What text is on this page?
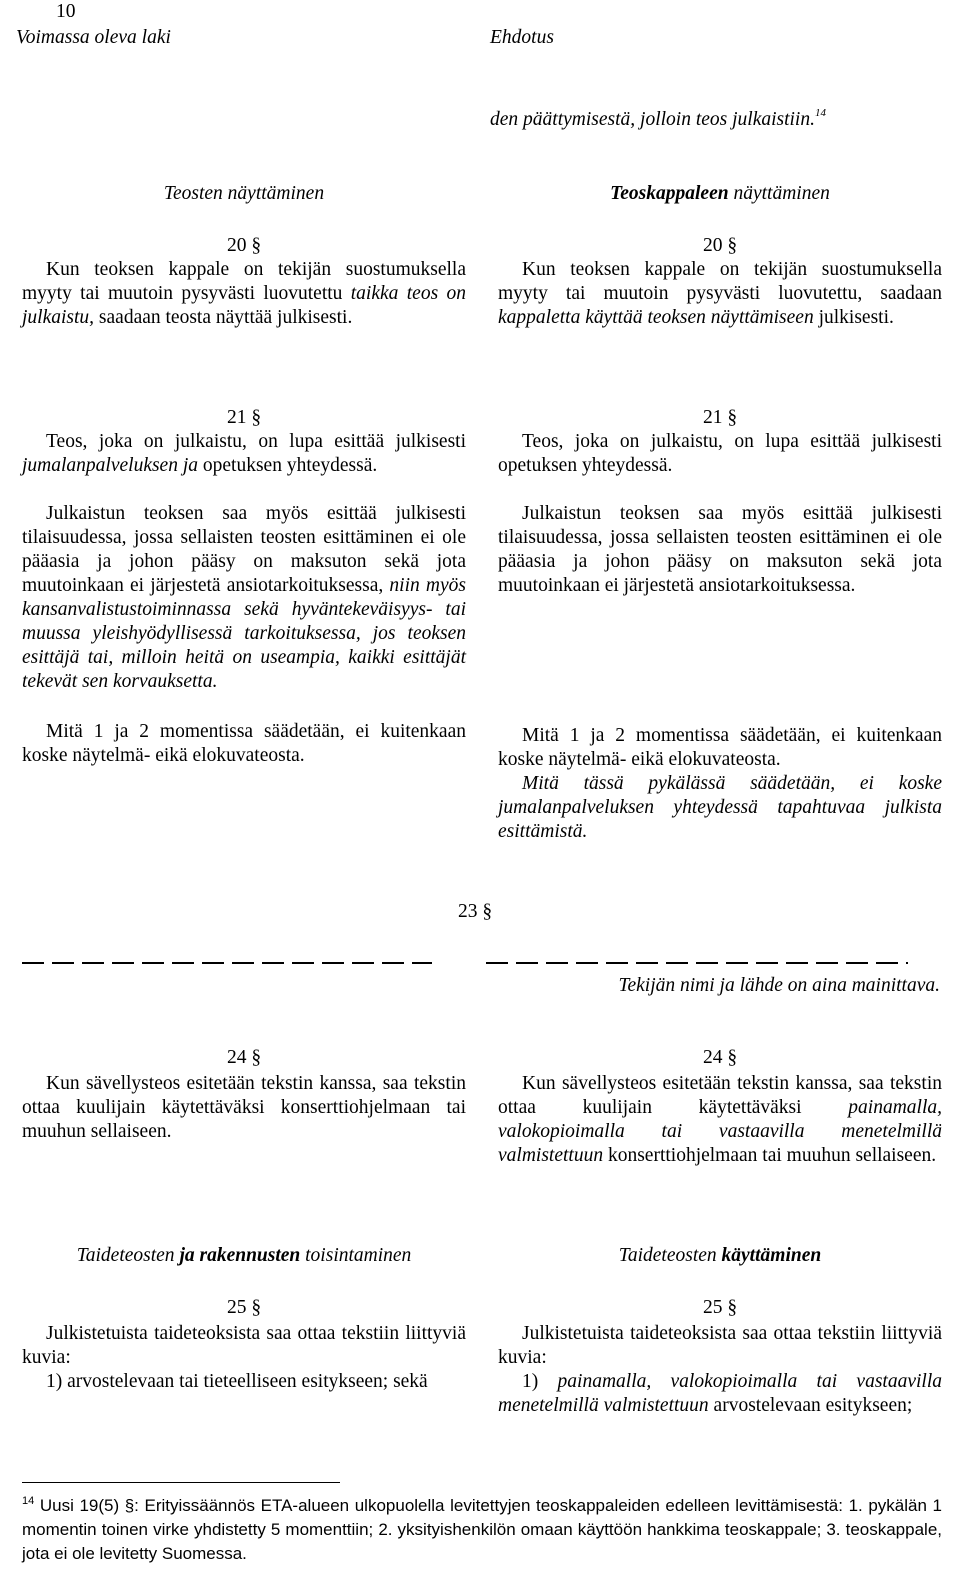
10
Voimassa oleva laki	Ehdotus
den päättymisestä, jolloin teos julkaistiin.$^{14}$
Teosten näyttäminen	Teoskappaleen näyttäminen
20 §	20 §
Kun teoksen kappale on tekijän suostumuksella myyty tai muutoin pysyvästi luovutettu taikka teos on julkaistu, saadaan teosta näyttää julkisesti.
Kun teoksen kappale on tekijän suostumuksella myyty tai muutoin pysyvästi luovutettu, saadaan kappaletta käyttää teoksen näyttämiseen julkisesti.
21 §	21 §
Teos, joka on julkaistu, on lupa esittää julkisesti jumalanpalveluksen ja opetuksen yhteydessä.
Julkaistun teoksen saa myös esittää julkisesti tilaisuudessa, jossa sellaisten teosten esittäminen ei ole pääasia ja johon pääsy on maksuton sekä jota muutoinkaan ei järjestetä ansiotarkoituksessa, niin myös kansanvalistustoiminnassa sekä hyväntekeväisyys- tai muussa yleishyödyllisessä tarkoituksessa, jos teoksen esittäjä tai, milloin heitä on useampia, kaikki esittäjät tekevät sen korvauksetta.
Mitä 1 ja 2 momentissa säädetään, ei kuitenkaan koske näytelmä- eikä elokuvateosta.
Teos, joka on julkaistu, on lupa esittää julkisesti opetuksen yhteydessä.
Julkaistun teoksen saa myös esittää julkisesti tilaisuudessa, jossa sellaisten teosten esittäminen ei ole pääasia ja johon pääsy on maksuton sekä jota muutoinkaan ei järjestetä ansiotarkoituksessa.
Mitä 1 ja 2 momentissa säädetään, ei kuitenkaan koske näytelmä- eikä elokuvateosta.
Mitä tässä pykälässä säädetään, ei koske jumalanpalveluksen yhteydessä tapahtuvaa julkista esittämistä.
23 §
Tekijän nimi ja lähde on aina mainittava.
24 §	24 §
Kun sävellysteos esitetään tekstin kanssa, saa tekstin ottaa kuulijain käytettäväksi konserttiohjelmaan tai muuhun sellaiseen.
Kun sävellysteos esitetään tekstin kanssa, saa tekstin ottaa kuulijain käytettäväksi painamalla, valokopioimalla tai vastaavilla menetelmillä valmistettuun konserttiohjelmaan tai muuhun sellaiseen.
Taideteosten ja rakennusten toisintaminen	Taideteosten käyttäminen
25 §	25 §
Julkistetuista taideteoksista saa ottaa tekstiin liittyviä kuvia:
1) arvostelevaan tai tieteelliseen esitykseen; sekä
Julkistetuista taideteoksista saa ottaa tekstiin liittyviä kuvia:
1) painamalla, valokopioimalla tai vastaavilla menetelmillä valmistettuun arvostelevaan esitykseen;
$^{14}$ Uusi 19(5) §: Erityissäännös ETA-alueen ulkopuolella levitettyjen teoskappaleiden edelleen levittämisestä: 1. pykälän 1 momentin toinen virke yhdistetty 5 momenttiin; 2. yksityishenkilön omaan käyttöön hankkima teoskappale; 3. teoskappale, jota ei ole levitetty Suomessa.
